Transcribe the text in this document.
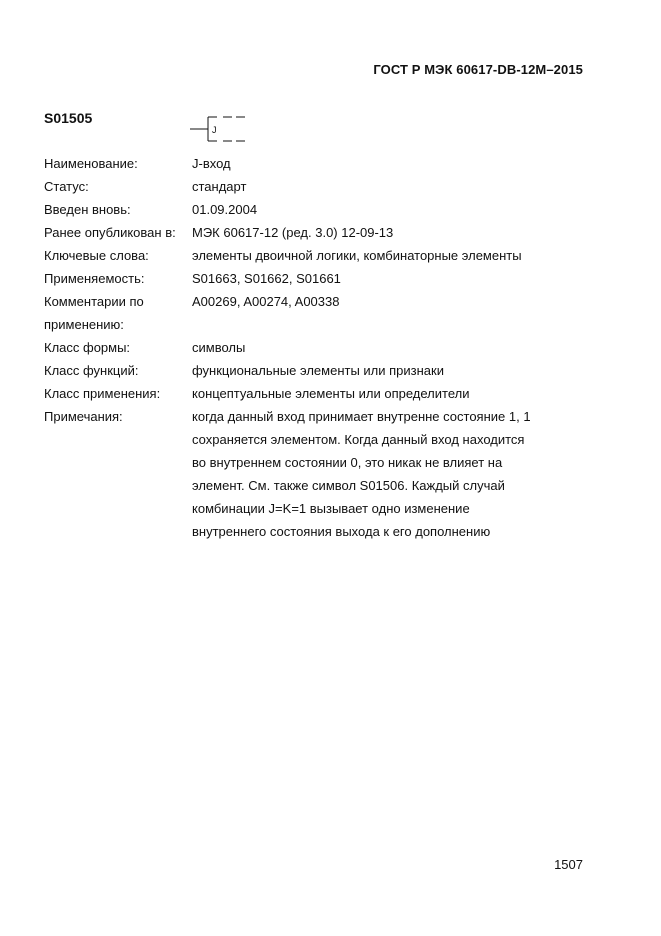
ГОСТ Р МЭК 60617-DB-12M–2015
S01505
J
Наименование:	J-вход
Статус:	стандарт
Введен вновь:	01.09.2004
Ранее опубликован в:	МЭК 60617-12 (ред. 3.0) 12-09-13
Ключевые слова:	элементы двоичной логики, комбинаторные элементы
Применяемость:	S01663, S01662, S01661
Комментарии по применению:
A00269, A00274, A00338
Класс формы:	символы
Класс функций:	функциональные элементы или признаки
Класс применения:	концептуальные элементы или определители
Примечания:	когда данный вход принимает внутренне состояние 1, 1 сохраняется элементом. Когда данный вход находится во внутреннем состоянии 0, это никак не влияет на элемент. См. также символ S01506. Каждый случай комбинации J=K=1 вызывает одно изменение внутреннего состояния выхода к его дополнению
1507
